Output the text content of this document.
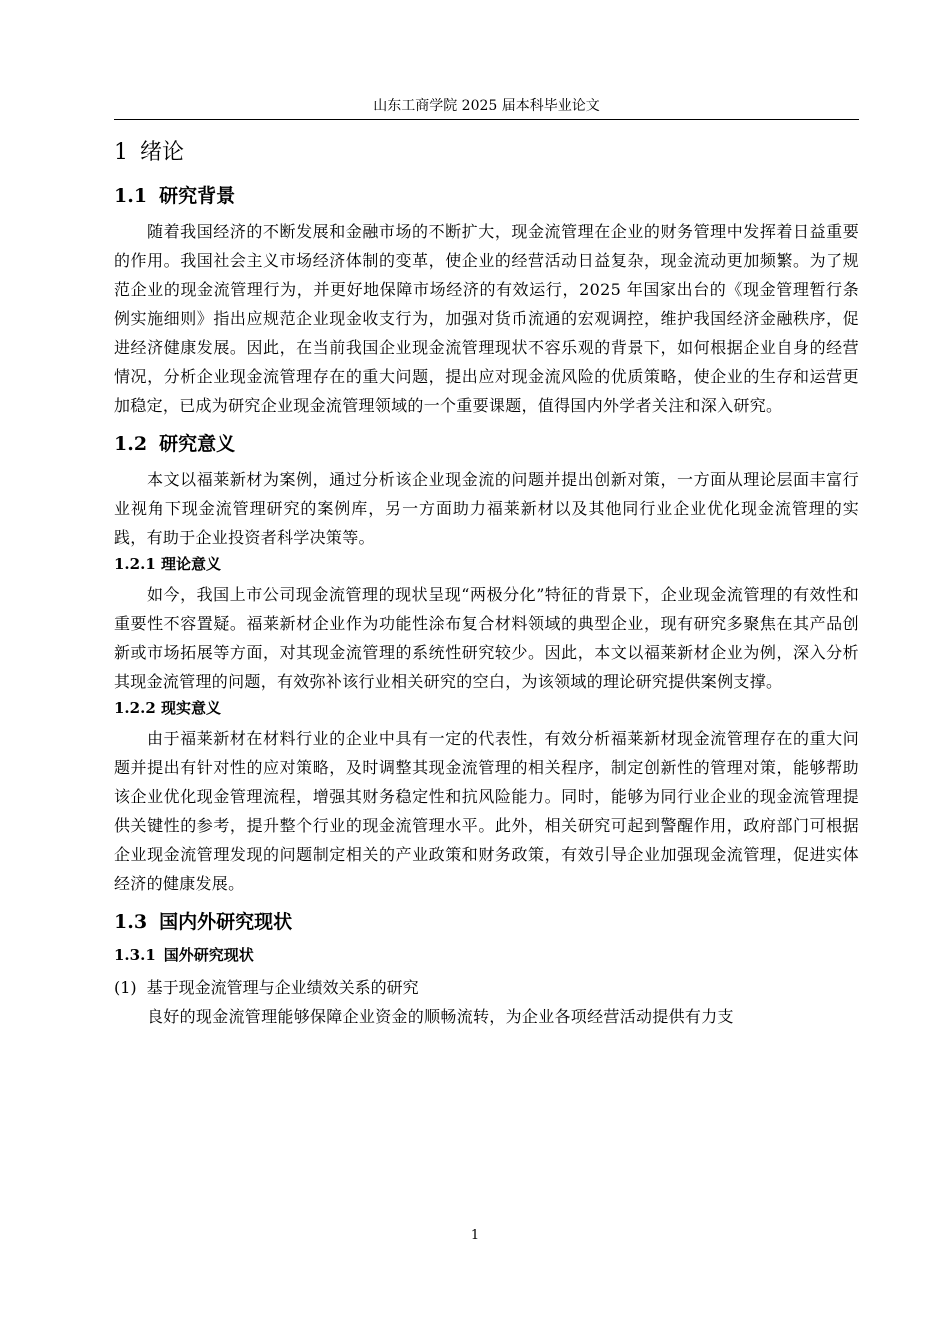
山东工商学院 2025 届本科毕业论文
1 绪论
1.1 研究背景

随着我国经济的不断发展和金融市场的不断扩大，现金流管理在企业的财务管理中发挥着日益重要的作用。我国社会主义市场经济体制的变革，使企业的经营活动日益复杂，现金流动更加频繁。为了规范企业的现金流管理行为，并更好地保障市场经济的有效运行，2025 年国家出台的《现金管理暂行条例实施细则》指出应规范企业现金收支行为，加强对货币流通的宏观调控，维护我国经济金融秩序，促进经济健康发展。因此，在当前我国企业现金流管理现状不容乐观的背景下，如何根据企业自身的经营情况，分析企业现金流管理存在的重大问题，提出应对现金流风险的优质策略，使企业的生存和运营更加稳定，已成为研究企业现金流管理领域的一个重要课题，值得国内外学者关注和深入研究。

1.2 研究意义

本文以福莱新材为案例，通过分析该企业现金流的问题并提出创新对策，一方面从理论层面丰富行业视角下现金流管理研究的案例库，另一方面助力福莱新材以及其他同行业企业优化现金流管理的实践，有助于企业投资者科学决策等。

1.2.1 理论意义

如今，我国上市公司现金流管理的现状呈现“两极分化”特征的背景下，企业现金流管理的有效性和重要性不容置疑。福莱新材企业作为功能性涂布复合材料领域的典型企业，现有研究多聚焦在其产品创新或市场拓展等方面，对其现金流管理的系统性研究较少。因此，本文以福莱新材企业为例，深入分析其现金流管理的问题，有效弥补该行业相关研究的空白，为该领域的理论研究提供案例支撑。

1.2.2 现实意义

由于福莱新材在材料行业的企业中具有一定的代表性，有效分析福莱新材现金流管理存在的重大问题并提出有针对性的应对策略，及时调整其现金流管理的相关程序，制定创新性的管理对策，能够帮助该企业优化现金管理流程，增强其财务稳定性和抗风险能力。同时，能够为同行业企业的现金流管理提供关键性的参考，提升整个行业的现金流管理水平。此外，相关研究可起到警醒作用，政府部门可根据企业现金流管理发现的问题制定相关的产业政策和财务政策，有效引导企业加强现金流管理，促进实体经济的健康发展。

1.3 国内外研究现状
1.3.1 国外研究现状
(1) 基于现金流管理与企业绩效关系的研究

良好的现金流管理能够保障企业资金的顺畅流转，为企业各项经营活动提供有力支

1
